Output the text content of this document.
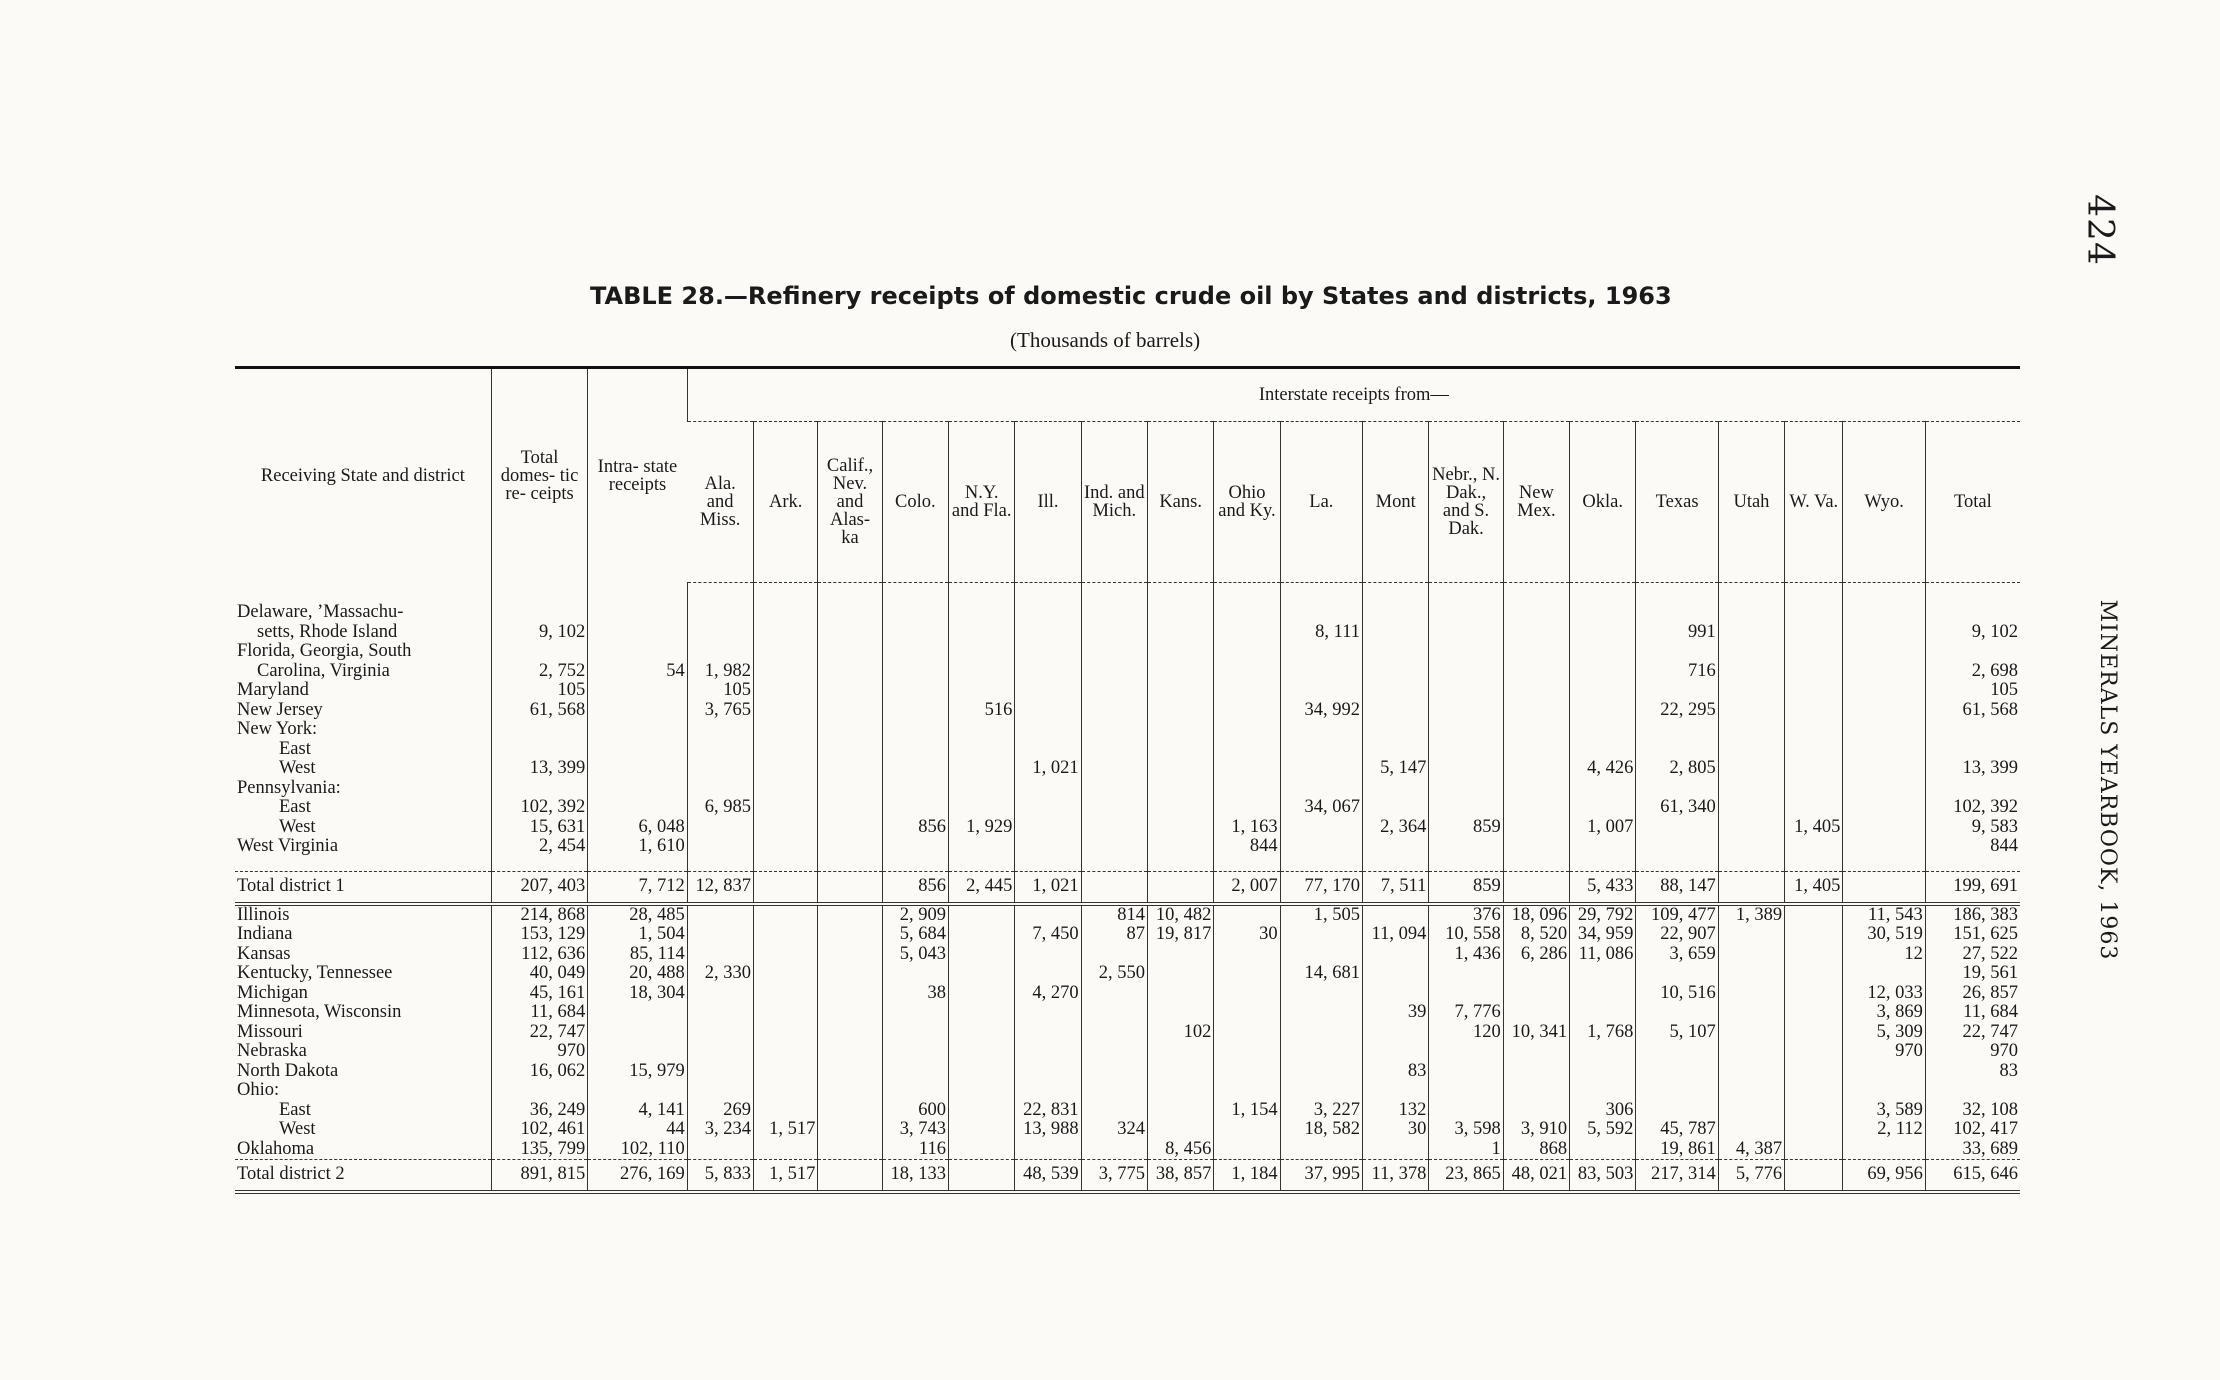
424
MINERALS YEARBOOK, 1963
TABLE 28.—Refinery receipts of domestic crude oil by States and districts, 1963
(Thousands of barrels)
Receiving State and district	Total domes- tic re- ceipts	Intra- state receipts	Interstate receipts from—																		
			Ala. and Miss.	Ark.	Calif., Nev. and Alas- ka	Colo.	N.Y. and Fla.	Ill.	Ind. and Mich.	Kans.	Ohio and Ky.	La.	Mont	Nebr., N. Dak., and S. Dak.	New Mex.	Okla.	Texas	Utah	W. Va.	Wyo.	Total

Delaware, ʼMassachu-																					
setts, Rhode Island	9, 102											8, 111					991				9, 102
Florida, Georgia, South																					
Carolina, Virginia	2, 752	54	1, 982														716				2, 698
Maryland	105		105																		105
New Jersey	61, 568		3, 765				516					34, 992					22, 295				61, 568
New York:																					
East																					
West	13, 399							1, 021					5, 147			4, 426	2, 805				13, 399
Pennsylvania:																					
East	102, 392		6, 985									34, 067					61, 340				102, 392
West	15, 631	6, 048				856	1, 929				1, 163		2, 364	859		1, 007			1, 405		9, 583
West Virginia	2, 454	1, 610									844										844

Total district 1	207, 403	7, 712	12, 837			856	2, 445	1, 021			2, 007	77, 170	7, 511	859		5, 433	88, 147		1, 405		199, 691
Illinois	214, 868	28, 485				2, 909			814	10, 482		1, 505		376	18, 096	29, 792	109, 477	1, 389		11, 543	186, 383
Indiana	153, 129	1, 504				5, 684		7, 450	87	19, 817	30		11, 094	10, 558	8, 520	34, 959	22, 907			30, 519	151, 625
Kansas	112, 636	85, 114				5, 043								1, 436	6, 286	11, 086	3, 659			12	27, 522
Kentucky, Tennessee	40, 049	20, 488	2, 330						2, 550			14, 681									19, 561
Michigan	45, 161	18, 304				38		4, 270									10, 516			12, 033	26, 857
Minnesota, Wisconsin	11, 684												39	7, 776						3, 869	11, 684
Missouri	22, 747									102				120	10, 341	1, 768	5, 107			5, 309	22, 747
Nebraska	970																			970	970
North Dakota	16, 062	15, 979											83								83
Ohio:																					
East	36, 249	4, 141	269			600		22, 831			1, 154	3, 227	132			306				3, 589	32, 108
West	102, 461	44	3, 234	1, 517		3, 743		13, 988	324			18, 582	30	3, 598	3, 910	5, 592	45, 787			2, 112	102, 417
Oklahoma	135, 799	102, 110				116				8, 456				1	868		19, 861	4, 387			33, 689
Total district 2	891, 815	276, 169	5, 833	1, 517		18, 133		48, 539	3, 775	38, 857	1, 184	37, 995	11, 378	23, 865	48, 021	83, 503	217, 314	5, 776		69, 956	615, 646
